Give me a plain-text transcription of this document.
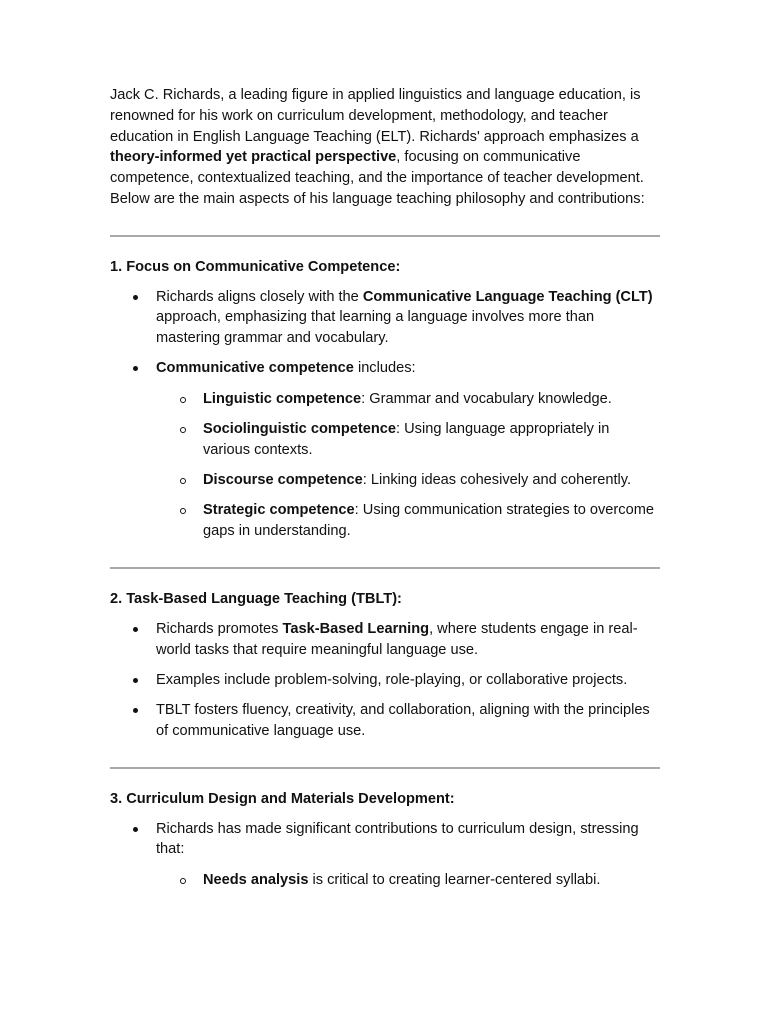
Jack C. Richards, a leading figure in applied linguistics and language education, is renowned for his work on curriculum development, methodology, and teacher education in English Language Teaching (ELT). Richards' approach emphasizes a theory-informed yet practical perspective, focusing on communicative competence, contextualized teaching, and the importance of teacher development. Below are the main aspects of his language teaching philosophy and contributions:

1. Focus on Communicative Competence:
Richards aligns closely with the Communicative Language Teaching (CLT) approach, emphasizing that learning a language involves more than mastering grammar and vocabulary.
Communicative competence includes:
Linguistic competence: Grammar and vocabulary knowledge.
Sociolinguistic competence: Using language appropriately in various contexts.
Discourse competence: Linking ideas cohesively and coherently.
Strategic competence: Using communication strategies to overcome gaps in understanding.
2. Task-Based Language Teaching (TBLT):
Richards promotes Task-Based Learning, where students engage in real-world tasks that require meaningful language use.
Examples include problem-solving, role-playing, or collaborative projects.
TBLT fosters fluency, creativity, and collaboration, aligning with the principles of communicative language use.
3. Curriculum Design and Materials Development:
Richards has made significant contributions to curriculum design, stressing that:
Needs analysis is critical to creating learner-centered syllabi.
